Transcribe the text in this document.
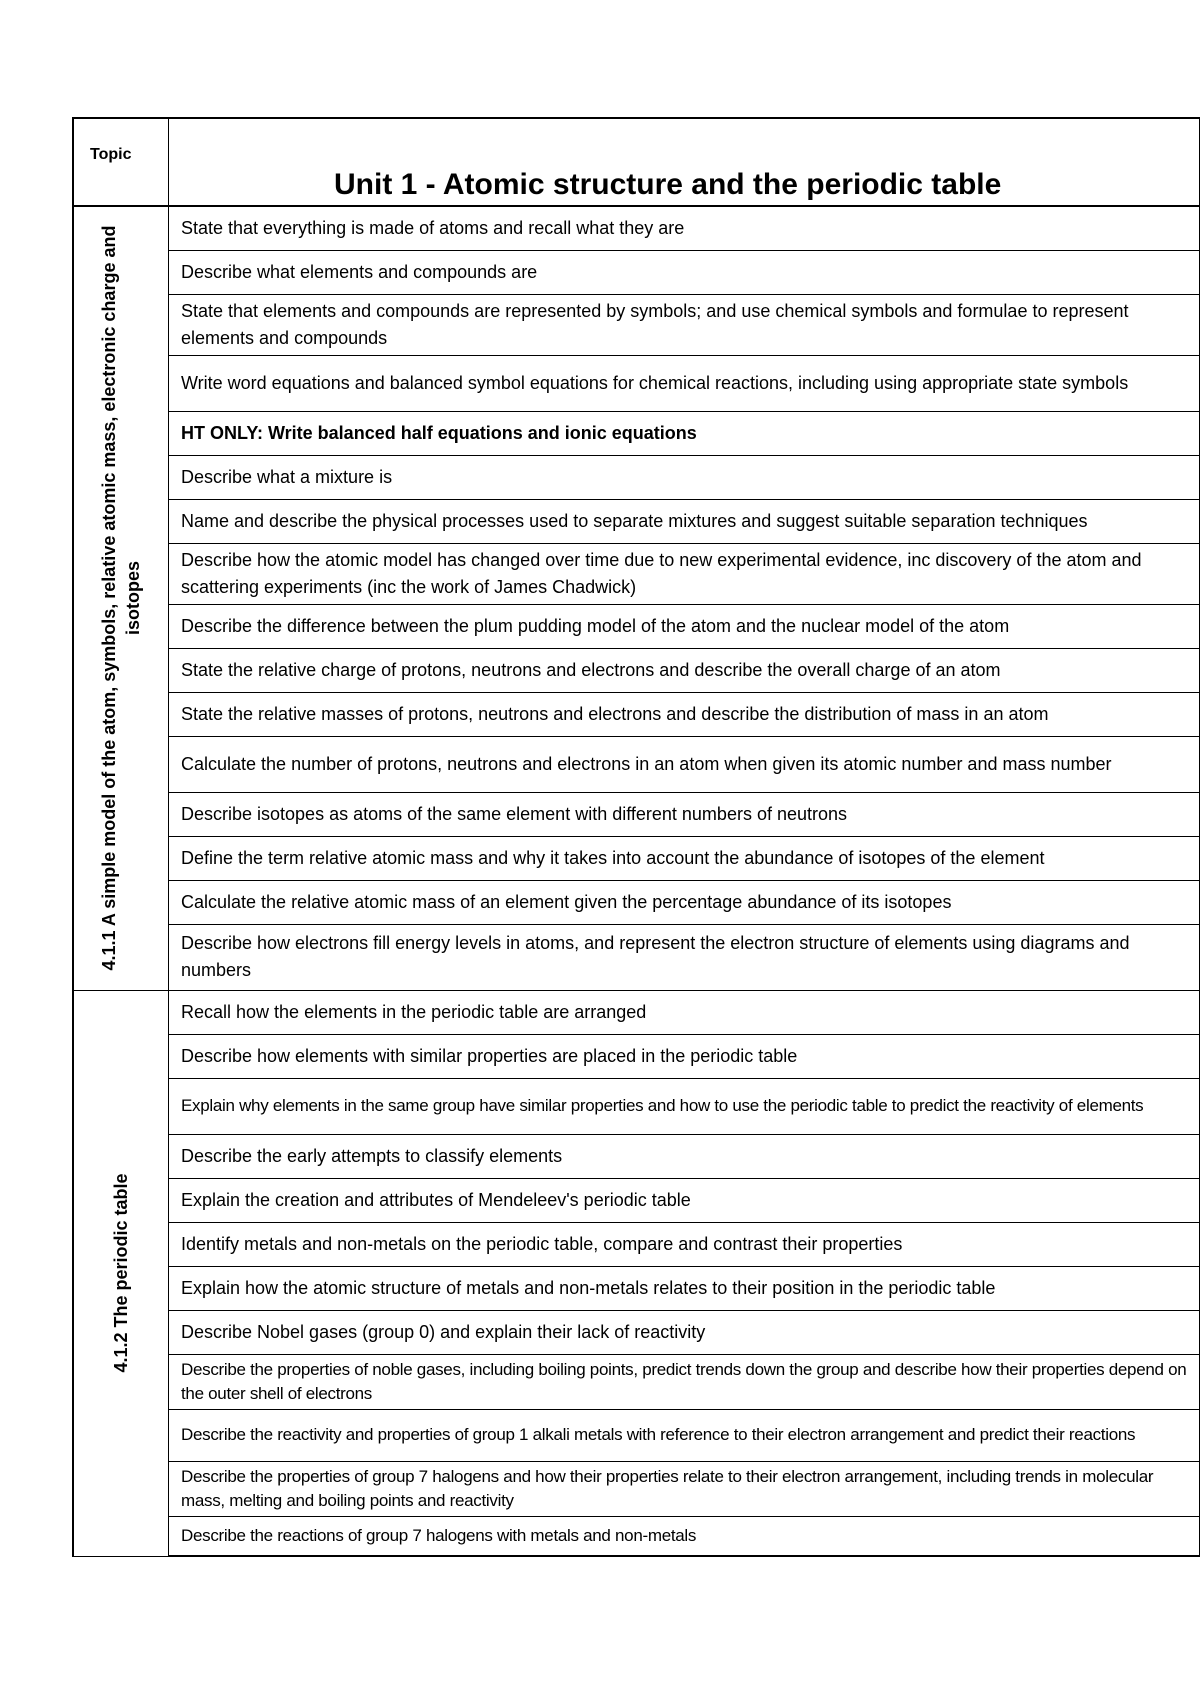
Topic	Unit 1 - Atomic structure and the periodic table

4.1.1 A simple model of the atom, symbols, relative atomic mass, electronic charge and isotopes	State that everything is made of atoms and recall what they are
	Describe what elements and compounds are
	State that elements and compounds are represented by symbols; and use chemical symbols and formulae to represent elements and compounds
	Write word equations and balanced symbol equations for chemical reactions, including using appropriate state symbols
	HT ONLY: Write balanced half equations and ionic equations
	Describe what a mixture is
	Name and describe the physical processes used to separate mixtures and suggest suitable separation techniques
	Describe how the atomic model has changed over time due to new experimental evidence, inc discovery of the atom and scattering experiments (inc the work of James Chadwick)
	Describe the difference between the plum pudding model of the atom and the nuclear model of the atom
	State the relative charge of protons, neutrons and electrons and describe the overall charge of an atom
	State the relative masses of protons, neutrons and electrons and describe the distribution of mass in an atom
	Calculate the number of protons, neutrons and electrons in an atom when given its atomic number and mass number
	Describe isotopes as atoms of the same element with different numbers of neutrons
	Define the term relative atomic mass and why it takes into account the abundance of isotopes of the element
	Calculate the relative atomic mass of an element given the percentage abundance of its isotopes
	Describe how electrons fill energy levels in atoms, and represent the electron structure of elements using diagrams and numbers

4.1.2 The periodic table	Recall how the elements in the periodic table are arranged
	Describe how elements with similar properties are placed in the periodic table
	Explain why elements in the same group have similar properties and how to use the periodic table to predict the reactivity of elements
	Describe the early attempts to classify elements
	Explain the creation and attributes of Mendeleev's periodic table
	Identify metals and non-metals on the periodic table, compare and contrast their properties
	Explain how the atomic structure of metals and non-metals relates to their position in the periodic table
	Describe Nobel gases (group 0) and explain their lack of reactivity
	Describe the properties of noble gases, including boiling points, predict trends down the group and describe how their properties depend on the outer shell of electrons
	Describe the reactivity and properties of group 1 alkali metals with reference to their electron arrangement and predict their reactions
	Describe the properties of group 7 halogens and how their properties relate to their electron arrangement, including trends in molecular mass, melting and boiling points and reactivity
	Describe the reactions of group 7 halogens with metals and non-metals
